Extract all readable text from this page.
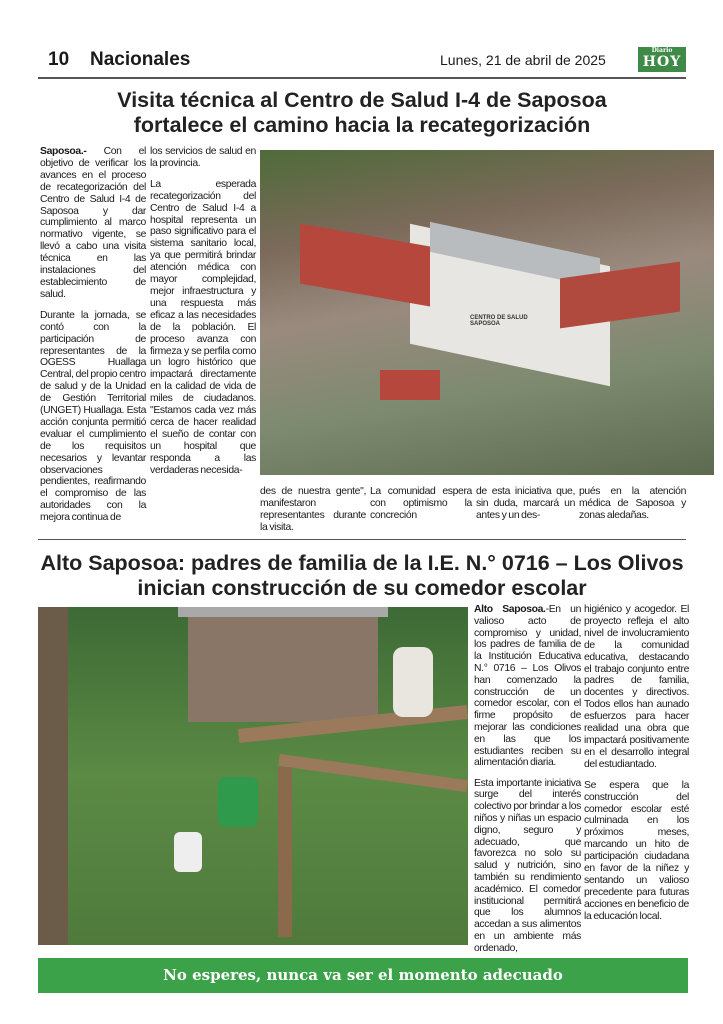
10 Nacionales	Lunes, 21 de abril de 2025
Diario
HOY
Visita técnica al Centro de Salud I-4 de Saposoa
fortalece el camino hacia la recategorización

Saposoa.- Con el objetivo de verificar los avances en el proceso de recategorización del Centro de Salud I-4 de Saposoa y dar cumplimiento al marco normativo vigente, se llevó a cabo una visita técnica en las instalaciones del establecimiento de salud.

Durante la jornada, se contó con la participación de representantes de la OGESS Huallaga Central, del propio centro de salud y de la Unidad de Gestión Territorial (UNGET) Huallaga. Esta acción conjunta permitió evaluar el cumplimiento de los requisitos necesarios y levantar observaciones pendientes, reafirmando el compromiso de las autoridades con la mejora continua de

los servicios de salud en la provincia.

La esperada recategorización del Centro de Salud I-4 a hospital representa un paso significativo para el sistema sanitario local, ya que permitirá brindar atención médica con mayor complejidad, mejor infraestructura y una respuesta más eficaz a las necesidades de la población. El proceso avanza con firmeza y se perfila como un logro histórico que impactará directamente en la calidad de vida de miles de ciudadanos. "Estamos cada vez más cerca de hacer realidad el sueño de contar con un hospital que responda a las verdaderas necesida-

CENTRO DE SALUD SAPOSOA
des de nuestra gente", manifestaron representantes durante la visita.
La comunidad espera con optimismo la concreción
de esta iniciativa que, sin duda, marcará un antes y un des-
pués en la atención médica de Saposoa y zonas aledañas.
Alto Saposoa: padres de familia de la I.E. N.° 0716 – Los Olivos
inician construcción de su comedor escolar

Alto Saposoa.-En un valioso acto de compromiso y unidad, los padres de familia de la Institución Educativa N.° 0716 – Los Olivos han comenzado la construcción de un comedor escolar, con el firme propósito de mejorar las condiciones en las que los estudiantes reciben su alimentación diaria.

Esta importante iniciativa surge del interés colectivo por brindar a los niños y niñas un espacio digno, seguro y adecuado, que favorezca no solo su salud y nutrición, sino también su rendimiento académico. El comedor institucional permitirá que los alumnos accedan a sus alimentos en un ambiente más ordenado,

higiénico y acogedor. El proyecto refleja el alto nivel de involucramiento de la comunidad educativa, destacando el trabajo conjunto entre padres de familia, docentes y directivos. Todos ellos han aunado esfuerzos para hacer realidad una obra que impactará positivamente en el desarrollo integral del estudiantado.

Se espera que la construcción del comedor escolar esté culminada en los próximos meses, marcando un hito de participación ciudadana en favor de la niñez y sentando un valioso precedente para futuras acciones en beneficio de la educación local.

No esperes, nunca va ser el momento adecuado
